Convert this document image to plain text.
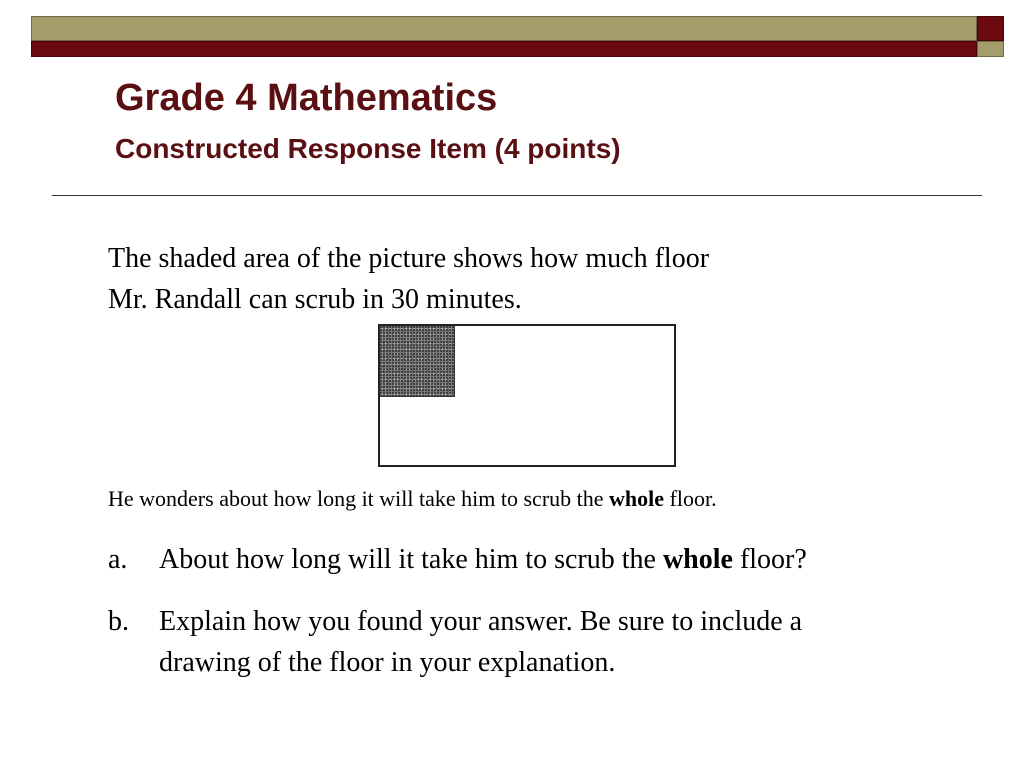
Grade 4 Mathematics
Constructed Response Item (4 points)
The shaded area of the picture shows how much floor
Mr. Randall can scrub in 30 minutes.
He wonders about how long it will take him to scrub the whole floor.
a. About how long will it take him to scrub the whole floor?
b. Explain how you found your answer. Be sure to include a
drawing of the floor in your explanation.
